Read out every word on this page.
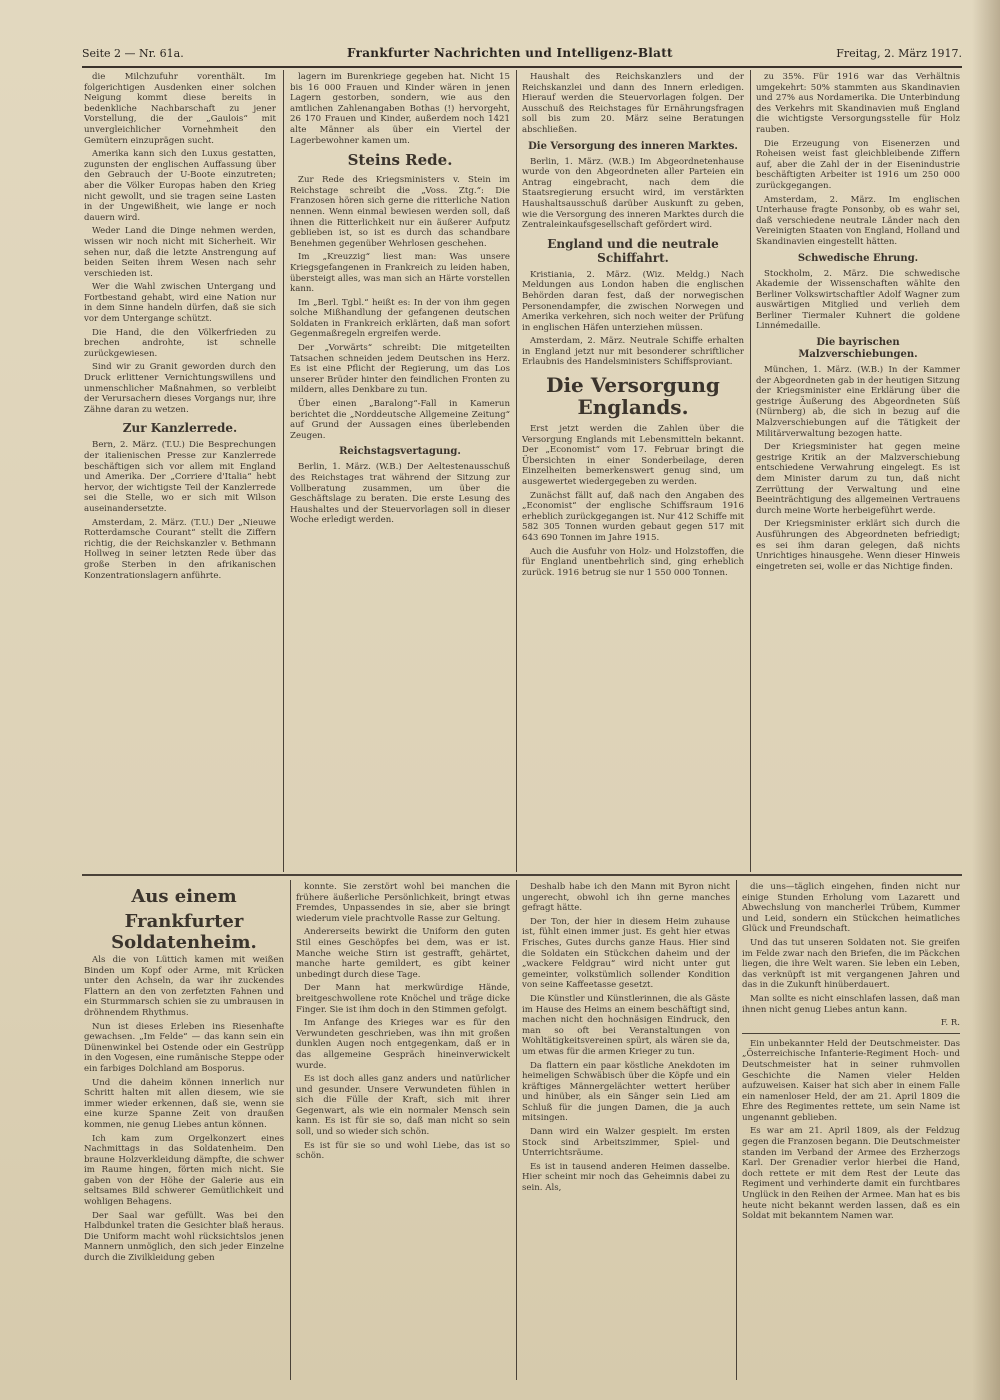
Seite 2 — Nr. 61a.	Frankfurter Nachrichten und Intelligenz-Blatt	Freitag, 2. März 1917.

die Milchzufuhr vorenthält. Im folgerichtigen Ausdenken einer solchen Neigung kommt diese bereits in bedenkliche Nachbarschaft zu jener Vorstellung, die der „Gaulois“ mit unvergleichlicher Vornehmheit den Gemütern einzuprägen sucht.

Amerika kann sich den Luxus gestatten, zugunsten der englischen Auffassung über den Gebrauch der U-Boote einzutreten; aber die Völker Europas haben den Krieg nicht gewollt, und sie tragen seine Lasten in der Ungewißheit, wie lange er noch dauern wird.

Weder Land die Dinge nehmen werden, wissen wir noch nicht mit Sicherheit. Wir sehen nur, daß die letzte Anstrengung auf beiden Seiten ihrem Wesen nach sehr verschieden ist.

Wer die Wahl zwischen Untergang und Fortbestand gehabt, wird eine Nation nur in dem Sinne handeln dürfen, daß sie sich vor dem Untergange schützt.

Die Hand, die den Völkerfrieden zu brechen androhte, ist schnelle zurückgewiesen.

Sind wir zu Granit geworden durch den Druck erlittener Vernichtungswillens und unmenschlicher Maßnahmen, so verbleibt der Verursachern dieses Vorgangs nur, ihre Zähne daran zu wetzen.

Zur Kanzlerrede.

Bern, 2. März. (T.U.) Die Besprechungen der italienischen Presse zur Kanzlerrede beschäftigen sich vor allem mit England und Amerika. Der „Corriere d'Italia“ hebt hervor, der wichtigste Teil der Kanzlerrede sei die Stelle, wo er sich mit Wilson auseinandersetzte.

Amsterdam, 2. März. (T.U.) Der „Nieuwe Rotterdamsche Courant“ stellt die Ziffern richtig, die der Reichskanzler v. Bethmann Hollweg in seiner letzten Rede über das große Sterben in den afrikanischen Konzentrationslagern anführte.

lagern im Burenkriege gegeben hat. Nicht 15 bis 16 000 Frauen und Kinder wären in jenen Lagern gestorben, sondern, wie aus den amtlichen Zahlenangaben Bothas (!) hervorgeht, 26 170 Frauen und Kinder, außerdem noch 1421 alte Männer als über ein Viertel der Lagerbewohner kamen um.

Steins Rede.

Zur Rede des Kriegsministers v. Stein im Reichstage schreibt die „Voss. Ztg.“: Die Franzosen hören sich gerne die ritterliche Nation nennen. Wenn einmal bewiesen werden soll, daß ihnen die Ritterlichkeit nur ein äußerer Aufputz geblieben ist, so ist es durch das schandbare Benehmen gegenüber Wehrlosen geschehen.

Im „Kreuzzig“ liest man: Was unsere Kriegsgefangenen in Frankreich zu leiden haben, übersteigt alles, was man sich an Härte vorstellen kann.

Im „Berl. Tgbl.“ heißt es: In der von ihm gegen solche Mißhandlung der gefangenen deutschen Soldaten in Frankreich erklärten, daß man sofort Gegenmaßregeln ergreifen werde.

Der „Vorwärts“ schreibt: Die mitgeteilten Tatsachen schneiden jedem Deutschen ins Herz. Es ist eine Pflicht der Regierung, um das Los unserer Brüder hinter den feindlichen Fronten zu mildern, alles Denkbare zu tun.

Über einen „Baralong“-Fall in Kamerun berichtet die „Norddeutsche Allgemeine Zeitung“ auf Grund der Aussagen eines überlebenden Zeugen.

Reichstagsvertagung.

Berlin, 1. März. (W.B.) Der Aeltestenausschuß des Reichstages trat während der Sitzung zur Vollberatung zusammen, um über die Geschäftslage zu beraten. Die erste Lesung des Haushaltes und der Steuervorlagen soll in dieser Woche erledigt werden.

Haushalt des Reichskanzlers und der Reichskanzlei und dann des Innern erledigen. Hierauf werden die Steuervorlagen folgen. Der Ausschuß des Reichstages für Ernährungsfragen soll bis zum 20. März seine Beratungen abschließen.

Die Versorgung des inneren Marktes.

Berlin, 1. März. (W.B.) Im Abgeordnetenhause wurde von den Abgeordneten aller Parteien ein Antrag eingebracht, nach dem die Staatsregierung ersucht wird, im verstärkten Haushaltsausschuß darüber Auskunft zu geben, wie die Versorgung des inneren Marktes durch die Zentraleinkaufsgesellschaft gefördert wird.

England und die neutrale Schiffahrt.

Kristiania, 2. März. (Wiz. Meldg.) Nach Meldungen aus London haben die englischen Behörden daran fest, daß der norwegischen Personendampfer, die zwischen Norwegen und Amerika verkehren, sich noch weiter der Prüfung in englischen Häfen unterziehen müssen.

Amsterdam, 2. März. Neutrale Schiffe erhalten in England jetzt nur mit besonderer schriftlicher Erlaubnis des Handelsministers Schiffsproviant.

Die Versorgung Englands.

Erst jetzt werden die Zahlen über die Versorgung Englands mit Lebensmitteln bekannt. Der „Economist“ vom 17. Februar bringt die Übersichten in einer Sonderbeilage, deren Einzelheiten bemerkenswert genug sind, um ausgewertet wiedergegeben zu werden.

Zunächst fällt auf, daß nach den Angaben des „Economist“ der englische Schiffsraum 1916 erheblich zurückgegangen ist. Nur 412 Schiffe mit 582 305 Tonnen wurden gebaut gegen 517 mit 643 690 Tonnen im Jahre 1915.

Auch die Ausfuhr von Holz- und Holzstoffen, die für England unentbehrlich sind, ging erheblich zurück. 1916 betrug sie nur 1 550 000 Tonnen.

zu 35%. Für 1916 war das Verhältnis umgekehrt: 50% stammten aus Skandinavien und 27% aus Nordamerika. Die Unterbindung des Verkehrs mit Skandinavien muß England die wichtigste Versorgungsstelle für Holz rauben.

Die Erzeugung von Eisenerzen und Roheisen weist fast gleichbleibende Ziffern auf, aber die Zahl der in der Eisenindustrie beschäftigten Arbeiter ist 1916 um 250 000 zurückgegangen.

Amsterdam, 2. März. Im englischen Unterhause fragte Ponsonby, ob es wahr sei, daß verschiedene neutrale Länder nach den Vereinigten Staaten von England, Holland und Skandinavien eingestellt hätten.

Schwedische Ehrung.

Stockholm, 2. März. Die schwedische Akademie der Wissenschaften wählte den Berliner Volkswirtschaftler Adolf Wagner zum auswärtigen Mitglied und verlieh dem Berliner Tiermaler Kuhnert die goldene Linnémedaille.

Die bayrischen Malzverschiebungen.

München, 1. März. (W.B.) In der Kammer der Abgeordneten gab in der heutigen Sitzung der Kriegsminister eine Erklärung über die gestrige Äußerung des Abgeordneten Süß (Nürnberg) ab, die sich in bezug auf die Malzverschiebungen auf die Tätigkeit der Militärverwaltung bezogen hatte.

Der Kriegsminister hat gegen meine gestrige Kritik an der Malzverschiebung entschiedene Verwahrung eingelegt. Es ist dem Minister darum zu tun, daß nicht Zerrüttung der Verwaltung und eine Beeinträchtigung des allgemeinen Vertrauens durch meine Worte herbeigeführt werde.

Der Kriegsminister erklärt sich durch die Ausführungen des Abgeordneten befriedigt; es sei ihm daran gelegen, daß nichts Unrichtiges hinausgehe. Wenn dieser Hinweis eingetreten sei, wolle er das Nichtige finden.

Aus einem
Frankfurter Soldatenheim.

Als die von Lüttich kamen mit weißen Binden um Kopf oder Arme, mit Krücken unter den Achseln, da war ihr zuckendes Flattern an den von zerfetzten Fahnen und ein Sturmmarsch schien sie zu umbrausen in dröhnendem Rhythmus.

Nun ist dieses Erleben ins Riesenhafte gewachsen. „Im Felde“ — das kann sein ein Dünenwinkel bei Ostende oder ein Gestrüpp in den Vogesen, eine rumänische Steppe oder ein farbiges Dolchland am Bosporus.

Und die daheim können innerlich nur Schritt halten mit allen diesem, wie sie immer wieder erkennen, daß sie, wenn sie eine kurze Spanne Zeit von draußen kommen, nie genug Liebes antun können.

Ich kam zum Orgelkonzert eines Nachmittags in das Soldatenheim. Den braune Holzverkleidung dämpfte, die schwer im Raume hingen, förten mich nicht. Sie gaben von der Höhe der Galerie aus ein seltsames Bild schwerer Gemütlichkeit und wohligen Behagens.

Der Saal war gefüllt. Was bei den Halbdunkel traten die Gesichter blaß heraus. Die Uniform macht wohl rücksichtslos jenen Mannern unmöglich, den sich jeder Einzelne durch die Zivilkleidung geben

konnte. Sie zerstört wohl bei manchen die frühere äußerliche Persönlichkeit, bringt etwas Fremdes, Unpassendes in sie, aber sie bringt wiederum viele prachtvolle Rasse zur Geltung.

Andererseits bewirkt die Uniform den guten Stil eines Geschöpfes bei dem, was er ist. Manche weiche Stirn ist gestrafft, gehärtet, manche harte gemildert, es gibt keiner unbedingt durch diese Tage.

Der Mann hat merkwürdige Hände, breitgeschwollene rote Knöchel und träge dicke Finger. Sie ist ihm doch in den Stimmen gefolgt.

Im Anfange des Krieges war es für den Verwundeten geschrieben, was ihn mit großen dunklen Augen noch entgegenkam, daß er in das allgemeine Gespräch hineinverwickelt wurde.

Es ist doch alles ganz anders und natürlicher und gesunder. Unsere Verwundeten fühlen in sich die Fülle der Kraft, sich mit ihrer Gegenwart, als wie ein normaler Mensch sein kann. Es ist für sie so, daß man nicht so sein soll, und so wieder sich schön.

Es ist für sie so und wohl Liebe, das ist so schön.

Deshalb habe ich den Mann mit Byron nicht ungerecht, obwohl ich ihn gerne manches gefragt hätte.

Der Ton, der hier in diesem Heim zuhause ist, fühlt einen immer just. Es geht hier etwas Frisches, Gutes durchs ganze Haus. Hier sind die Soldaten ein Stückchen daheim und der „wackere Feldgrau“ wird nicht unter gut gemeinter, volkstümlich sollender Kondition von seine Kaffeetasse gesetzt.

Die Künstler und Künstlerinnen, die als Gäste im Hause des Heims an einem beschäftigt sind, machen nicht den hochnäsigen Eindruck, den man so oft bei Veranstaltungen von Wohltätigkeitsvereinen spürt, als wären sie da, um etwas für die armen Krieger zu tun.

Da flattern ein paar köstliche Anekdoten im heimeligen Schwäbisch über die Köpfe und ein kräftiges Männergelächter wettert herüber und hinüber, als ein Sänger sein Lied am Schluß für die jungen Damen, die ja auch mitsingen.

Dann wird ein Walzer gespielt. Im ersten Stock sind Arbeitszimmer, Spiel- und Unterrichtsräume.

Es ist in tausend anderen Heimen dasselbe. Hier scheint mir noch das Geheimnis dabei zu sein. Als,

die uns—täglich eingehen, finden nicht nur einige Stunden Erholung vom Lazarett und Abwechslung von mancherlei Trübem, Kummer und Leid, sondern ein Stückchen heimatliches Glück und Freundschaft.

Und das tut unseren Soldaten not. Sie greifen im Felde zwar nach den Briefen, die im Päckchen liegen, die ihre Welt waren. Sie leben ein Leben, das verknüpft ist mit vergangenen Jahren und das in die Zukunft hinüberdauert.

Man sollte es nicht einschlafen lassen, daß man ihnen nicht genug Liebes antun kann.

F. R.

Ein unbekannter Held der Deutschmeister. Das „Österreichische Infanterie-Regiment Hoch- und Deutschmeister hat in seiner ruhmvollen Geschichte die Namen vieler Helden aufzuweisen. Kaiser hat sich aber in einem Falle ein namenloser Held, der am 21. April 1809 die Ehre des Regimentes rettete, um sein Name ist ungenannt geblieben.

Es war am 21. April 1809, als der Feldzug gegen die Franzosen begann. Die Deutschmeister standen im Verband der Armee des Erzherzogs Karl. Der Grenadier verlor hierbei die Hand, doch rettete er mit dem Rest der Leute das Regiment und verhinderte damit ein furchtbares Unglück in den Reihen der Armee. Man hat es bis heute nicht bekannt werden lassen, daß es ein Soldat mit bekanntem Namen war.
